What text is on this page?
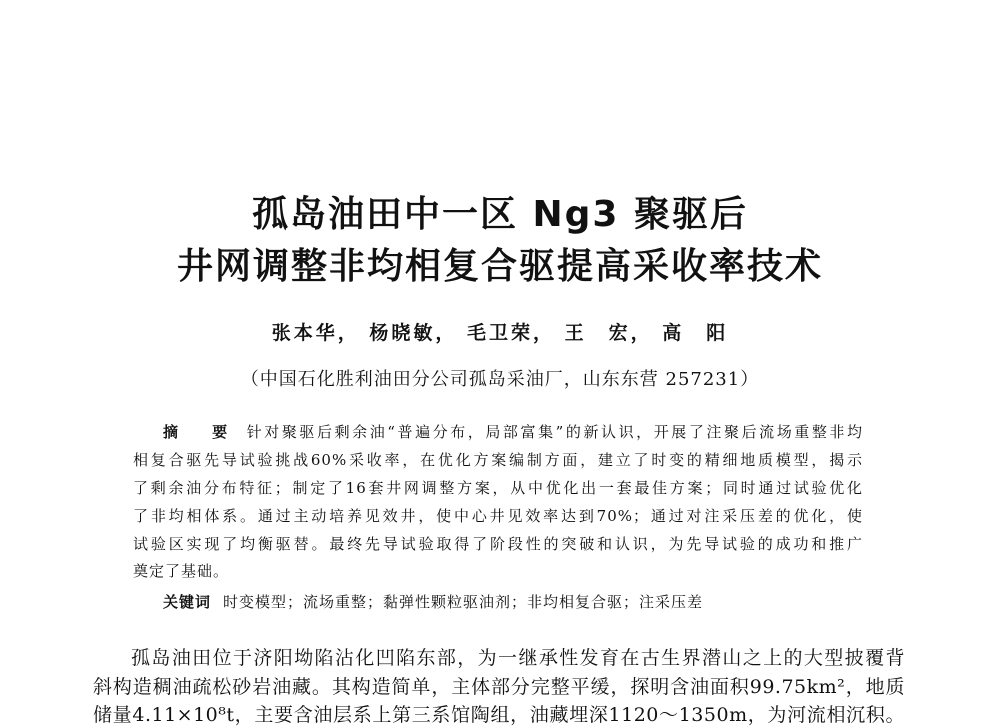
孤岛油田中一区 Ng3 聚驱后
井网调整非均相复合驱提高采收率技术
张本华， 杨晓敏， 毛卫荣， 王　宏， 高　阳
（中国石化胜利油田分公司孤岛采油厂，山东东营 257231）
摘　要 针对聚驱后剩余油“普遍分布，局部富集”的新认识，开展了注聚后流场重整非均
相复合驱先导试验挑战60%采收率，在优化方案编制方面，建立了时变的精细地质模型，揭示
了剩余油分布特征；制定了16套井网调整方案，从中优化出一套最佳方案；同时通过试验优化
了非均相体系。通过主动培养见效井，使中心井见效率达到70%；通过对注采压差的优化，使
试验区实现了均衡驱替。最终先导试验取得了阶段性的突破和认识，为先导试验的成功和推广
奠定了基础。
关键词 时变模型；流场重整；黏弹性颗粒驱油剂；非均相复合驱；注采压差
孤岛油田位于济阳坳陷沾化凹陷东部，为一继承性发育在古生界潜山之上的大型披覆背
斜构造稠油疏松砂岩油藏。其构造简单，主体部分完整平缓，探明含油面积99.75km²，地质
储量4.11×10⁸t，主要含油层系上第三系馆陶组，油藏埋深1120～1350m，为河流相沉积。
